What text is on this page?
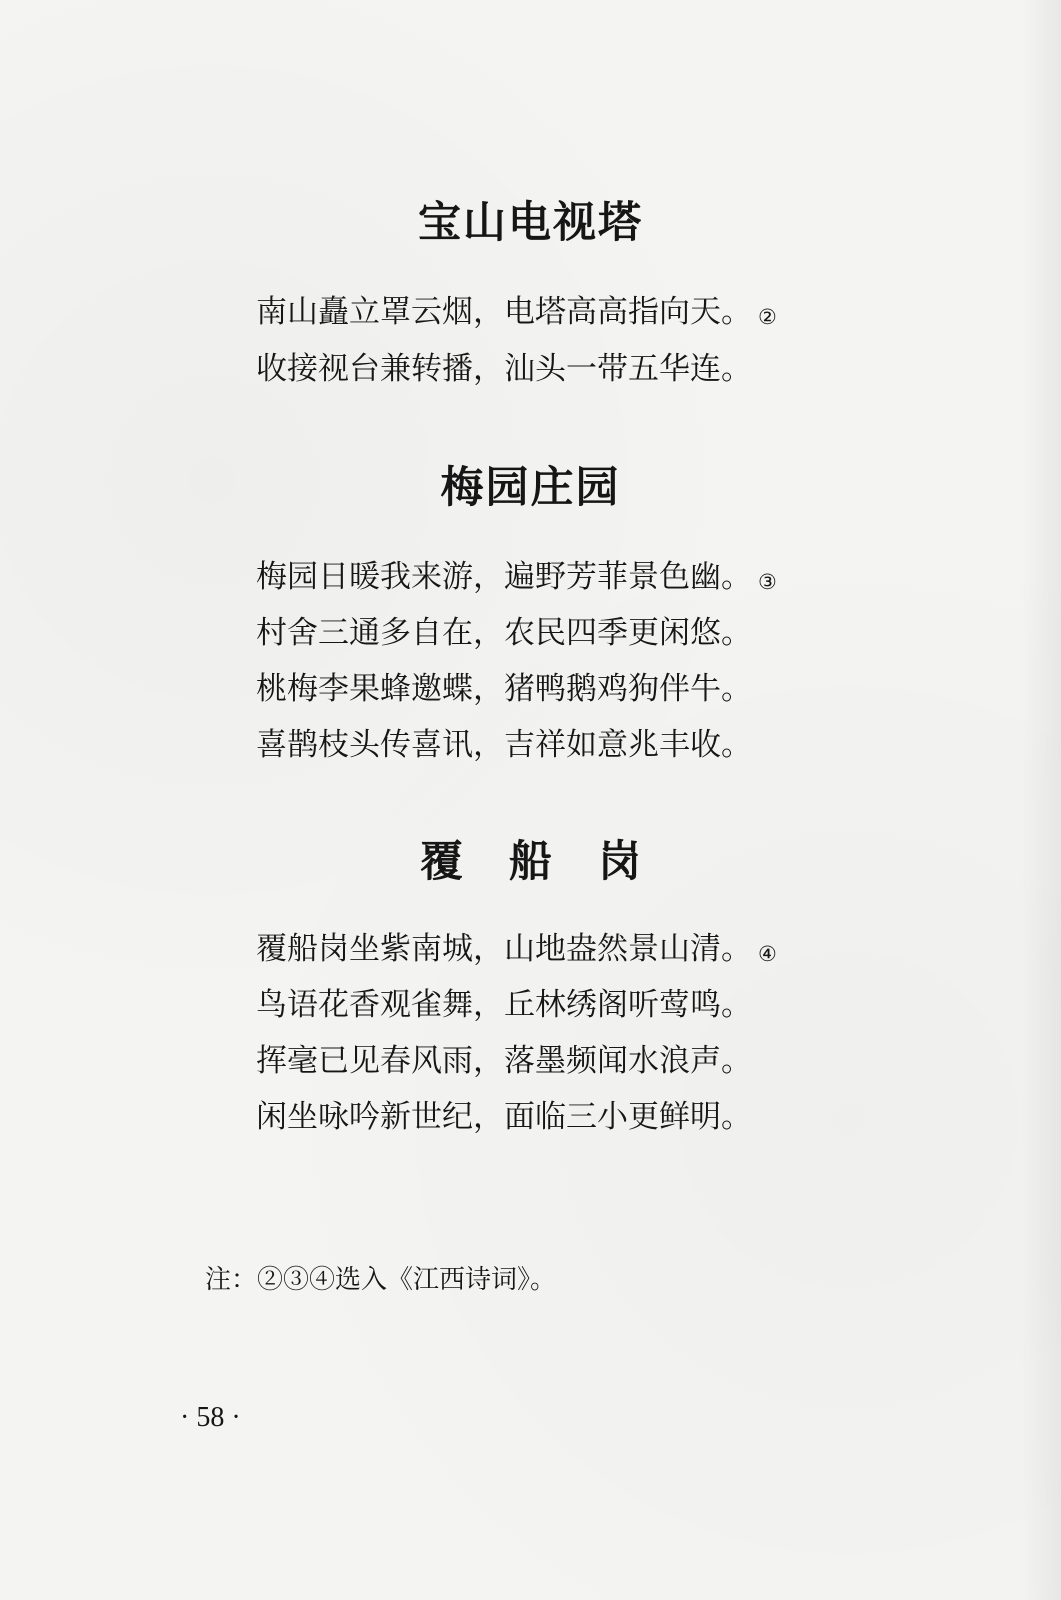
宝山电视塔
南山矗立罩云烟，电塔高高指向天。 ②
收接视台兼转播，汕头一带五华连。
梅园庄园
梅园日暖我来游，遍野芳菲景色幽。 ③
村舍三通多自在，农民四季更闲悠。
桃梅李果蜂邀蝶，猪鸭鹅鸡狗伴牛。
喜鹊枝头传喜讯，吉祥如意兆丰收。
覆船岗
覆船岗坐紫南城，山地盎然景山清。 ④
鸟语花香观雀舞，丘林绣阁听莺鸣。
挥毫已见春风雨，落墨频闻水浪声。
闲坐咏吟新世纪，面临三小更鲜明。
注：②③④选入《江西诗词》。
· 58 ·
